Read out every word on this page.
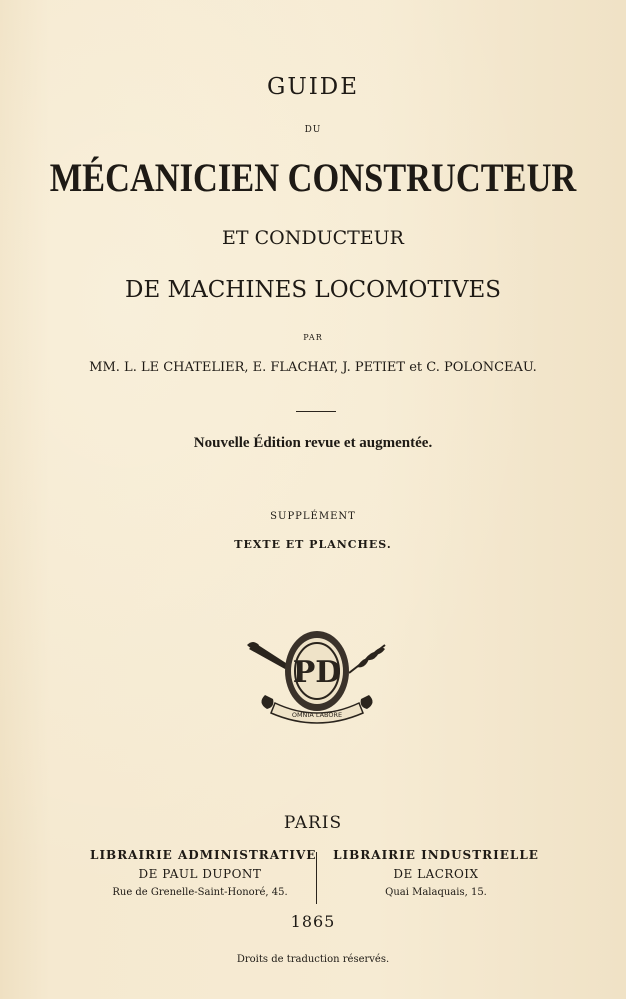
GUIDE
DU
MÉCANICIEN CONSTRUCTEUR
ET CONDUCTEUR
DE MACHINES LOCOMOTIVES
PAR
MM. L. LE CHATELIER, E. FLACHAT, J. PETIET et C. POLONCEAU.
Nouvelle Édition revue et augmentée.
SUPPLÉMENT
TEXTE ET PLANCHES.
PD
OMNIA LABORE
PARIS
LIBRAIRIE ADMINISTRATIVE
DE PAUL DUPONT
Rue de Grenelle-Saint-Honoré, 45.
LIBRAIRIE INDUSTRIELLE
DE LACROIX
Quai Malaquais, 15.
1865
Droits de traduction réservés.
